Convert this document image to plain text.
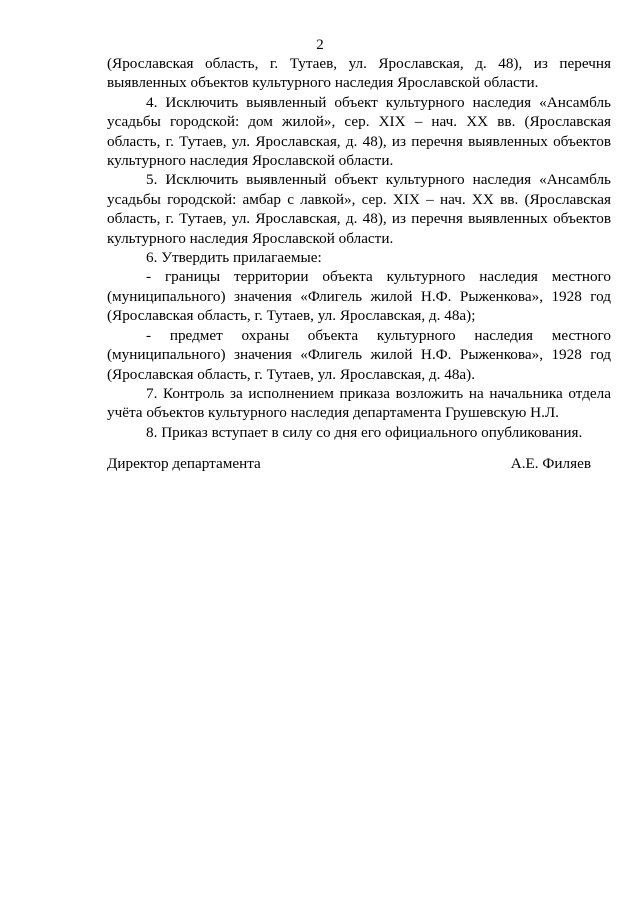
2

(Ярославская область, г. Тутаев, ул. Ярославская, д. 48), из перечня выявленных объектов культурного наследия Ярославской области.

4. Исключить выявленный объект культурного наследия «Ансамбль усадьбы городской: дом жилой», сер. XIX – нач. XX вв. (Ярославская область, г. Тутаев, ул. Ярославская, д. 48), из перечня выявленных объектов культурного наследия Ярославской области.

5. Исключить выявленный объект культурного наследия «Ансамбль усадьбы городской: амбар с лавкой», сер. XIX – нач. XX вв. (Ярославская область, г. Тутаев, ул. Ярославская, д. 48), из перечня выявленных объектов культурного наследия Ярославской области.

6. Утвердить прилагаемые:

- границы территории объекта культурного наследия местного (муниципального) значения «Флигель жилой Н.Ф. Рыженкова», 1928 год (Ярославская область, г. Тутаев, ул. Ярославская, д. 48а);

- предмет охраны объекта культурного наследия местного (муниципального) значения «Флигель жилой Н.Ф. Рыженкова», 1928 год (Ярославская область, г. Тутаев, ул. Ярославская, д. 48а).

7. Контроль за исполнением приказа возложить на начальника отдела учёта объектов культурного наследия департамента Грушевскую Н.Л.

8. Приказ вступает в силу со дня его официального опубликования.

Директор департамента	А.Е. Филяев
